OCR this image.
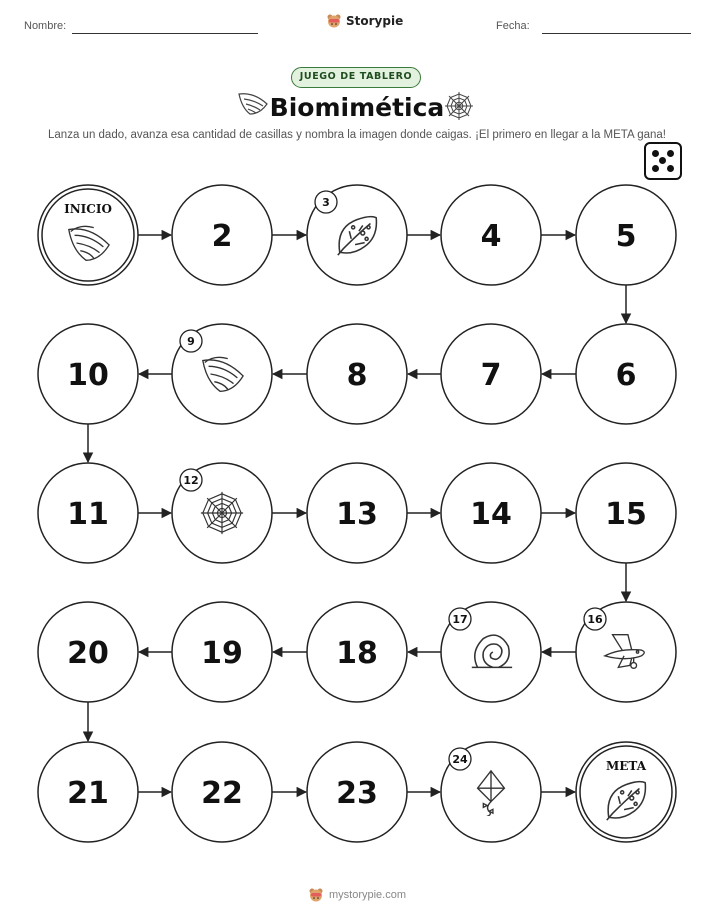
Nombre:	Storypie	Fecha:
JUEGO DE TABLERO
Biomimética
Lanza un dado, avanza esa cantidad de casillas y nombra la imagen donde caigas. ¡El primero en llegar a la META gana!
INICIO
2
3
4	5
6
7
8
9
10
11
12
13	14	15
16
17
18
19
20
21	22	23
24	META
mystorypie.com
